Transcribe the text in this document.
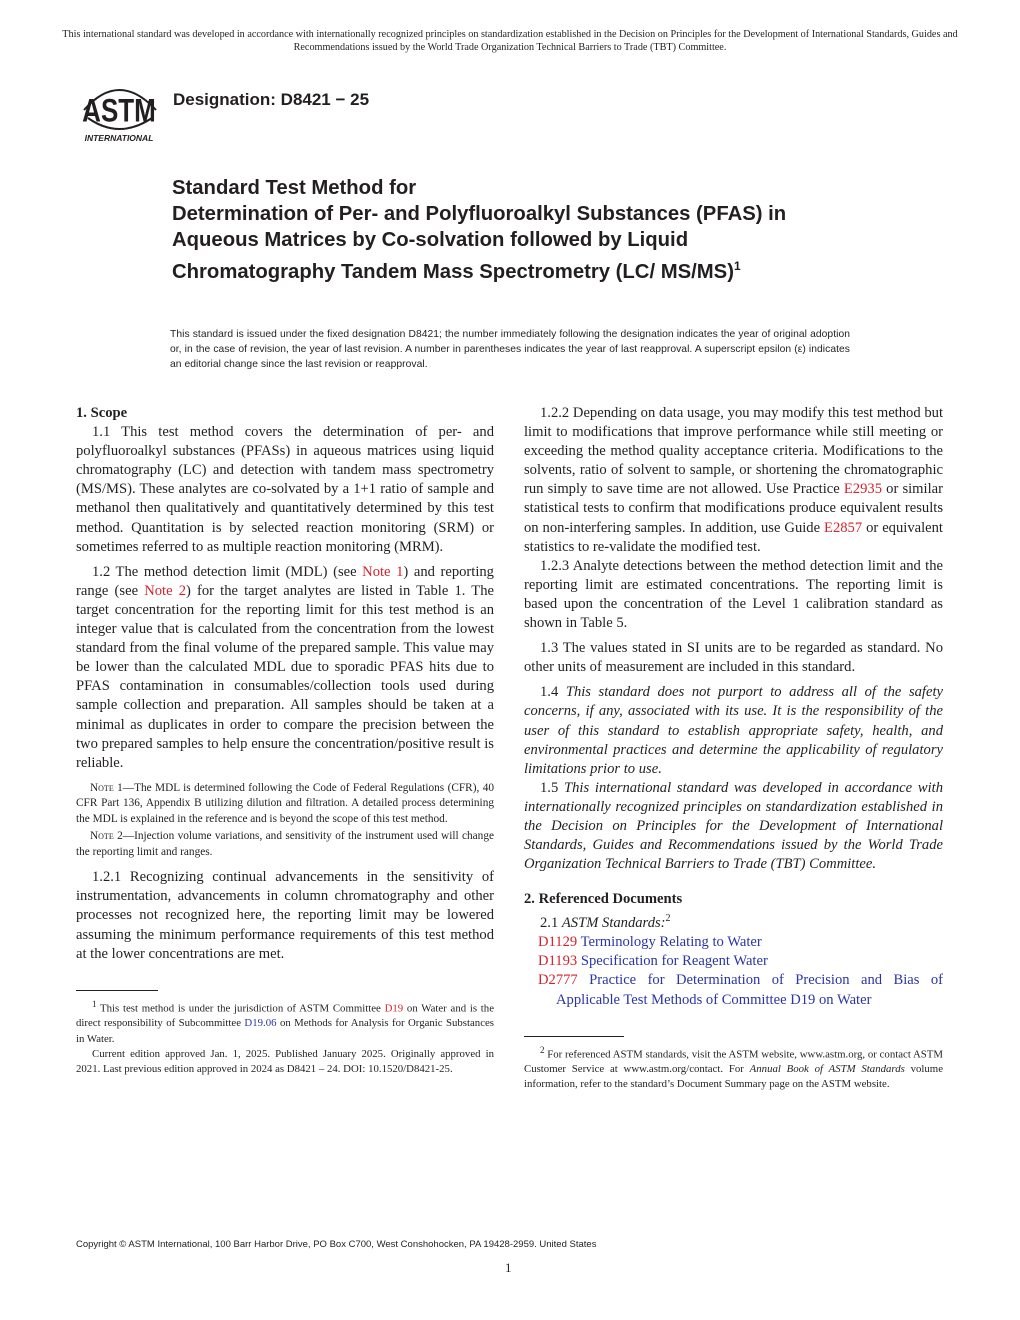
This international standard was developed in accordance with internationally recognized principles on standardization established in the Decision on Principles for the Development of International Standards, Guides and Recommendations issued by the World Trade Organization Technical Barriers to Trade (TBT) Committee.
ASTM
INTERNATIONAL
Designation: D8421 − 25
Standard Test Method for
Determination of Per- and Polyfluoroalkyl Substances (PFAS) in Aqueous Matrices by Co-solvation followed by Liquid Chromatography Tandem Mass Spectrometry (LC/ MS/MS)$^1$
This standard is issued under the fixed designation D8421; the number immediately following the designation indicates the year of original adoption or, in the case of revision, the year of last revision. A number in parentheses indicates the year of last reapproval. A superscript epsilon (ε) indicates an editorial change since the last revision or reapproval.

1. Scope

1.1 This test method covers the determination of per- and polyfluoroalkyl substances (PFASs) in aqueous matrices using liquid chromatography (LC) and detection with tandem mass spectrometry (MS/MS). These analytes are co-solvated by a 1+1 ratio of sample and methanol then qualitatively and quantitatively determined by this test method. Quantitation is by selected reaction monitoring (SRM) or sometimes referred to as multiple reaction monitoring (MRM).

1.2 The method detection limit (MDL) (see Note 1) and reporting range (see Note 2) for the target analytes are listed in Table 1. The target concentration for the reporting limit for this test method is an integer value that is calculated from the concentration from the lowest standard from the final volume of the prepared sample. This value may be lower than the calculated MDL due to sporadic PFAS hits due to PFAS contamination in consumables/collection tools used during sample collection and preparation. All samples should be taken at a minimal as duplicates in order to compare the precision between the two prepared samples to help ensure the concentration/positive result is reliable.

Note 1—The MDL is determined following the Code of Federal Regulations (CFR), 40 CFR Part 136, Appendix B utilizing dilution and filtration. A detailed process determining the MDL is explained in the reference and is beyond the scope of this test method.

Note 2—Injection volume variations, and sensitivity of the instrument used will change the reporting limit and ranges.

1.2.1 Recognizing continual advancements in the sensitivity of instrumentation, advancements in column chromatography and other processes not recognized here, the reporting limit may be lowered assuming the minimum performance requirements of this test method at the lower concentrations are met.

$^1$ This test method is under the jurisdiction of ASTM Committee D19 on Water and is the direct responsibility of Subcommittee D19.06 on Methods for Analysis for Organic Substances in Water.

Current edition approved Jan. 1, 2025. Published January 2025. Originally approved in 2021. Last previous edition approved in 2024 as D8421 – 24. DOI: 10.1520/D8421-25.

1.2.2 Depending on data usage, you may modify this test method but limit to modifications that improve performance while still meeting or exceeding the method quality acceptance criteria. Modifications to the solvents, ratio of solvent to sample, or shortening the chromatographic run simply to save time are not allowed. Use Practice E2935 or similar statistical tests to confirm that modifications produce equivalent results on non-interfering samples. In addition, use Guide E2857 or equivalent statistics to re-validate the modified test.

1.2.3 Analyte detections between the method detection limit and the reporting limit are estimated concentrations. The reporting limit is based upon the concentration of the Level 1 calibration standard as shown in Table 5.

1.3 The values stated in SI units are to be regarded as standard. No other units of measurement are included in this standard.

1.4 This standard does not purport to address all of the safety concerns, if any, associated with its use. It is the responsibility of the user of this standard to establish appropriate safety, health, and environmental practices and determine the applicability of regulatory limitations prior to use.

1.5 This international standard was developed in accordance with internationally recognized principles on standardization established in the Decision on Principles for the Development of International Standards, Guides and Recommendations issued by the World Trade Organization Technical Barriers to Trade (TBT) Committee.

2. Referenced Documents

2.1 ASTM Standards:$^2$

D1129 Terminology Relating to Water

D1193 Specification for Reagent Water

D2777 Practice for Determination of Precision and Bias of Applicable Test Methods of Committee D19 on Water

$^2$ For referenced ASTM standards, visit the ASTM website, www.astm.org, or contact ASTM Customer Service at www.astm.org/contact. For Annual Book of ASTM Standards volume information, refer to the standard’s Document Summary page on the ASTM website.

Copyright © ASTM International, 100 Barr Harbor Drive, PO Box C700, West Conshohocken, PA 19428-2959. United States
1
